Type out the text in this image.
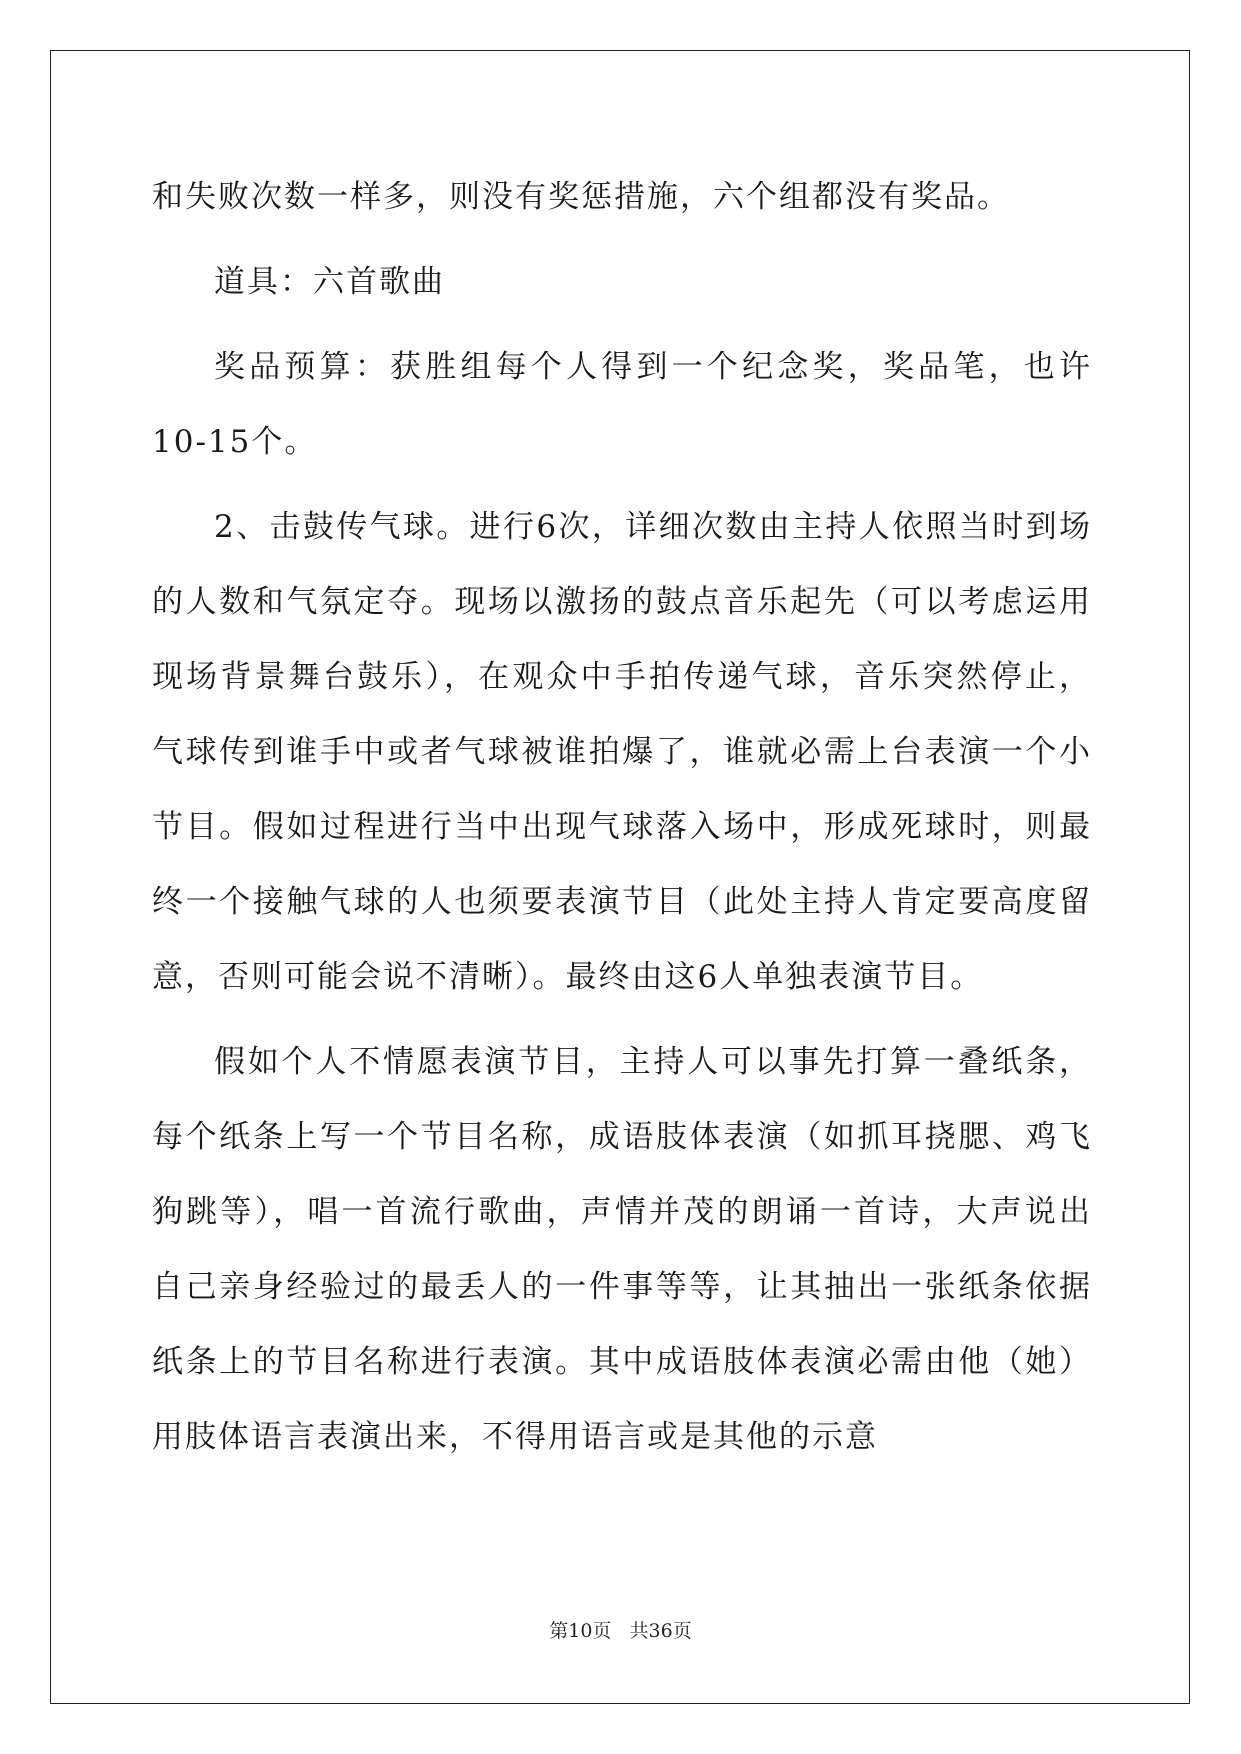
和失败次数一样多，则没有奖惩措施，六个组都没有奖品。

道具：六首歌曲

奖品预算：获胜组每个人得到一个纪念奖，奖品笔，也许10-15个。

2、击鼓传气球。进行6次，详细次数由主持人依照当时到场的人数和气氛定夺。现场以激扬的鼓点音乐起先（可以考虑运用现场背景舞台鼓乐），在观众中手拍传递气球，音乐突然停止，气球传到谁手中或者气球被谁拍爆了，谁就必需上台表演一个小节目。假如过程进行当中出现气球落入场中，形成死球时，则最终一个接触气球的人也须要表演节目（此处主持人肯定要高度留意，否则可能会说不清晰）。最终由这6人单独表演节目。

假如个人不情愿表演节目，主持人可以事先打算一叠纸条，每个纸条上写一个节目名称，成语肢体表演（如抓耳挠腮、鸡飞狗跳等），唱一首流行歌曲，声情并茂的朗诵一首诗，大声说出自己亲身经验过的最丢人的一件事等等，让其抽出一张纸条依据纸条上的节目名称进行表演。其中成语肢体表演必需由他（她）用肢体语言表演出来，不得用语言或是其他的示意

第10页 共36页
